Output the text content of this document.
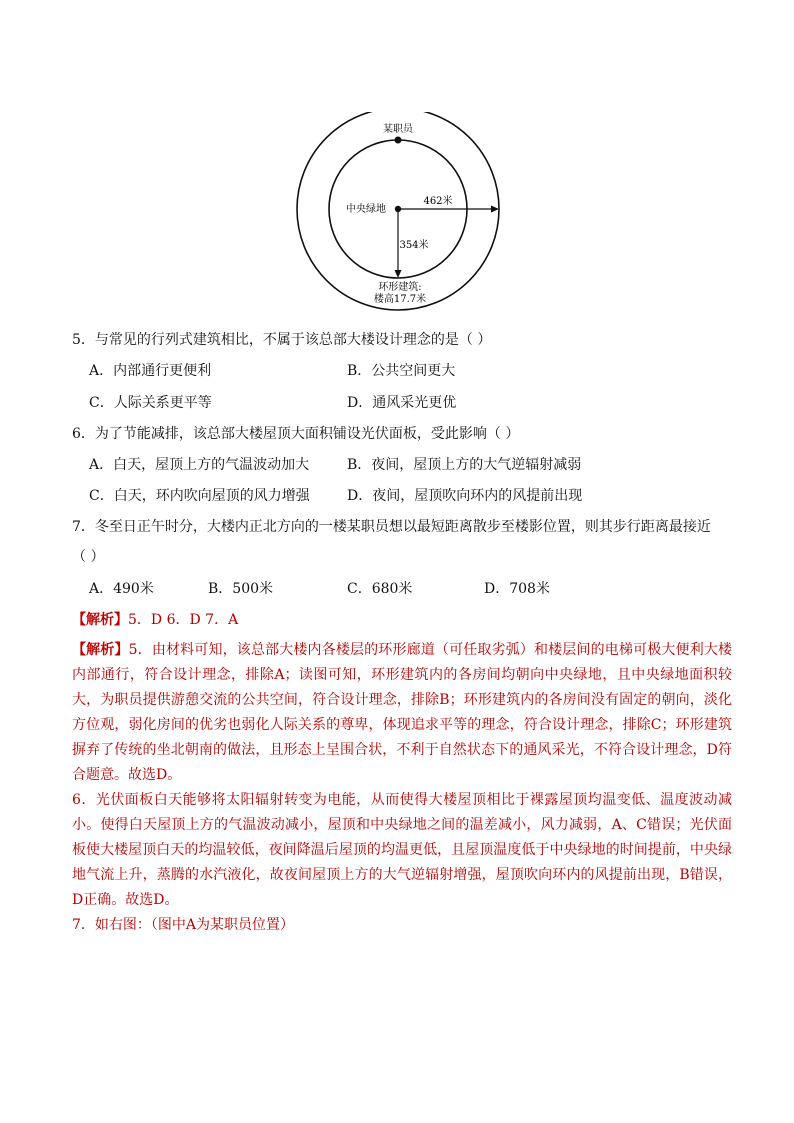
某职员
中央绿地
462米
354米
环形建筑:
楼高17.7米
5．与常见的行列式建筑相比，不属于该总部大楼设计理念的是（ ）
A．内部通行更便利	B．公共空间更大
C．人际关系更平等	D．通风采光更优
6．为了节能减排，该总部大楼屋顶大面积铺设光伏面板，受此影响（ ）
A．白天，屋顶上方的气温波动加大	B．夜间，屋顶上方的大气逆辐射减弱
C．白天，环内吹向屋顶的风力增强	D．夜间，屋顶吹向环内的风提前出现
7．冬至日正午时分，大楼内正北方向的一楼某职员想以最短距离散步至楼影位置，则其步行距离最接近
（ ）
A．490米	B．500米	C．680米	D．708米
【解析】5．D 6．D 7．A

【解析】5．由材料可知，该总部大楼内各楼层的环形廊道（可任取劣弧）和楼层间的电梯可极大便利大楼内部通行，符合设计理念，排除A；读图可知，环形建筑内的各房间均朝向中央绿地，且中央绿地面积较大，为职员提供游憩交流的公共空间，符合设计理念，排除B；环形建筑内的各房间没有固定的朝向，淡化方位观，弱化房间的优劣也弱化人际关系的尊卑，体现追求平等的理念，符合设计理念，排除C；环形建筑摒弃了传统的坐北朝南的做法，且形态上呈围合状，不利于自然状态下的通风采光，不符合设计理念，D符合题意。故选D。

6．光伏面板白天能够将太阳辐射转变为电能，从而使得大楼屋顶相比于裸露屋顶均温变低、温度波动减小。使得白天屋顶上方的气温波动减小，屋顶和中央绿地之间的温差减小，风力减弱，A、C错误；光伏面板使大楼屋顶白天的均温较低，夜间降温后屋顶的均温更低，且屋顶温度低于中央绿地的时间提前，中央绿地气流上升，蒸腾的水汽液化，故夜间屋顶上方的大气逆辐射增强，屋顶吹向环内的风提前出现，B错误，D正确。故选D。

7．如右图：（图中A为某职员位置）
